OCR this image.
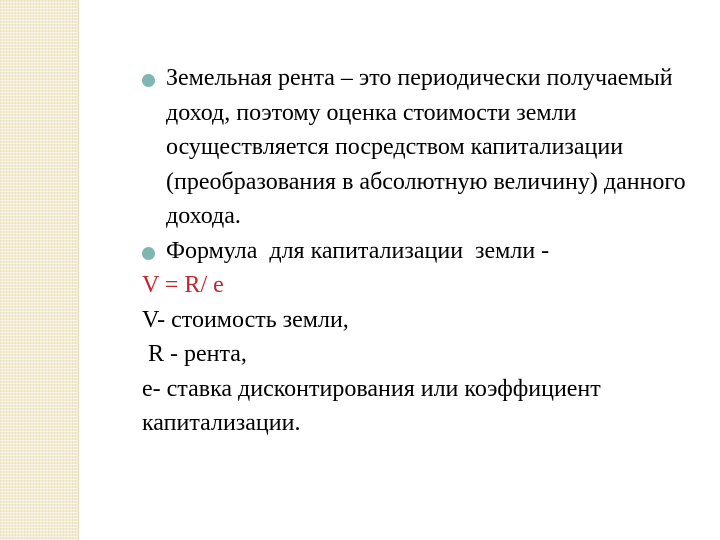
Земельная рента – это периодически получаемый доход, поэтому оценка стоимости земли осуществляется посредством капитализации (преобразования в абсолютную величину) данного дохода.

Формула  для капитализации  земли -

V = R/ e

V- стоимость земли,

R - рента,

e- ставка дисконтирования или коэффициент капитализации.
